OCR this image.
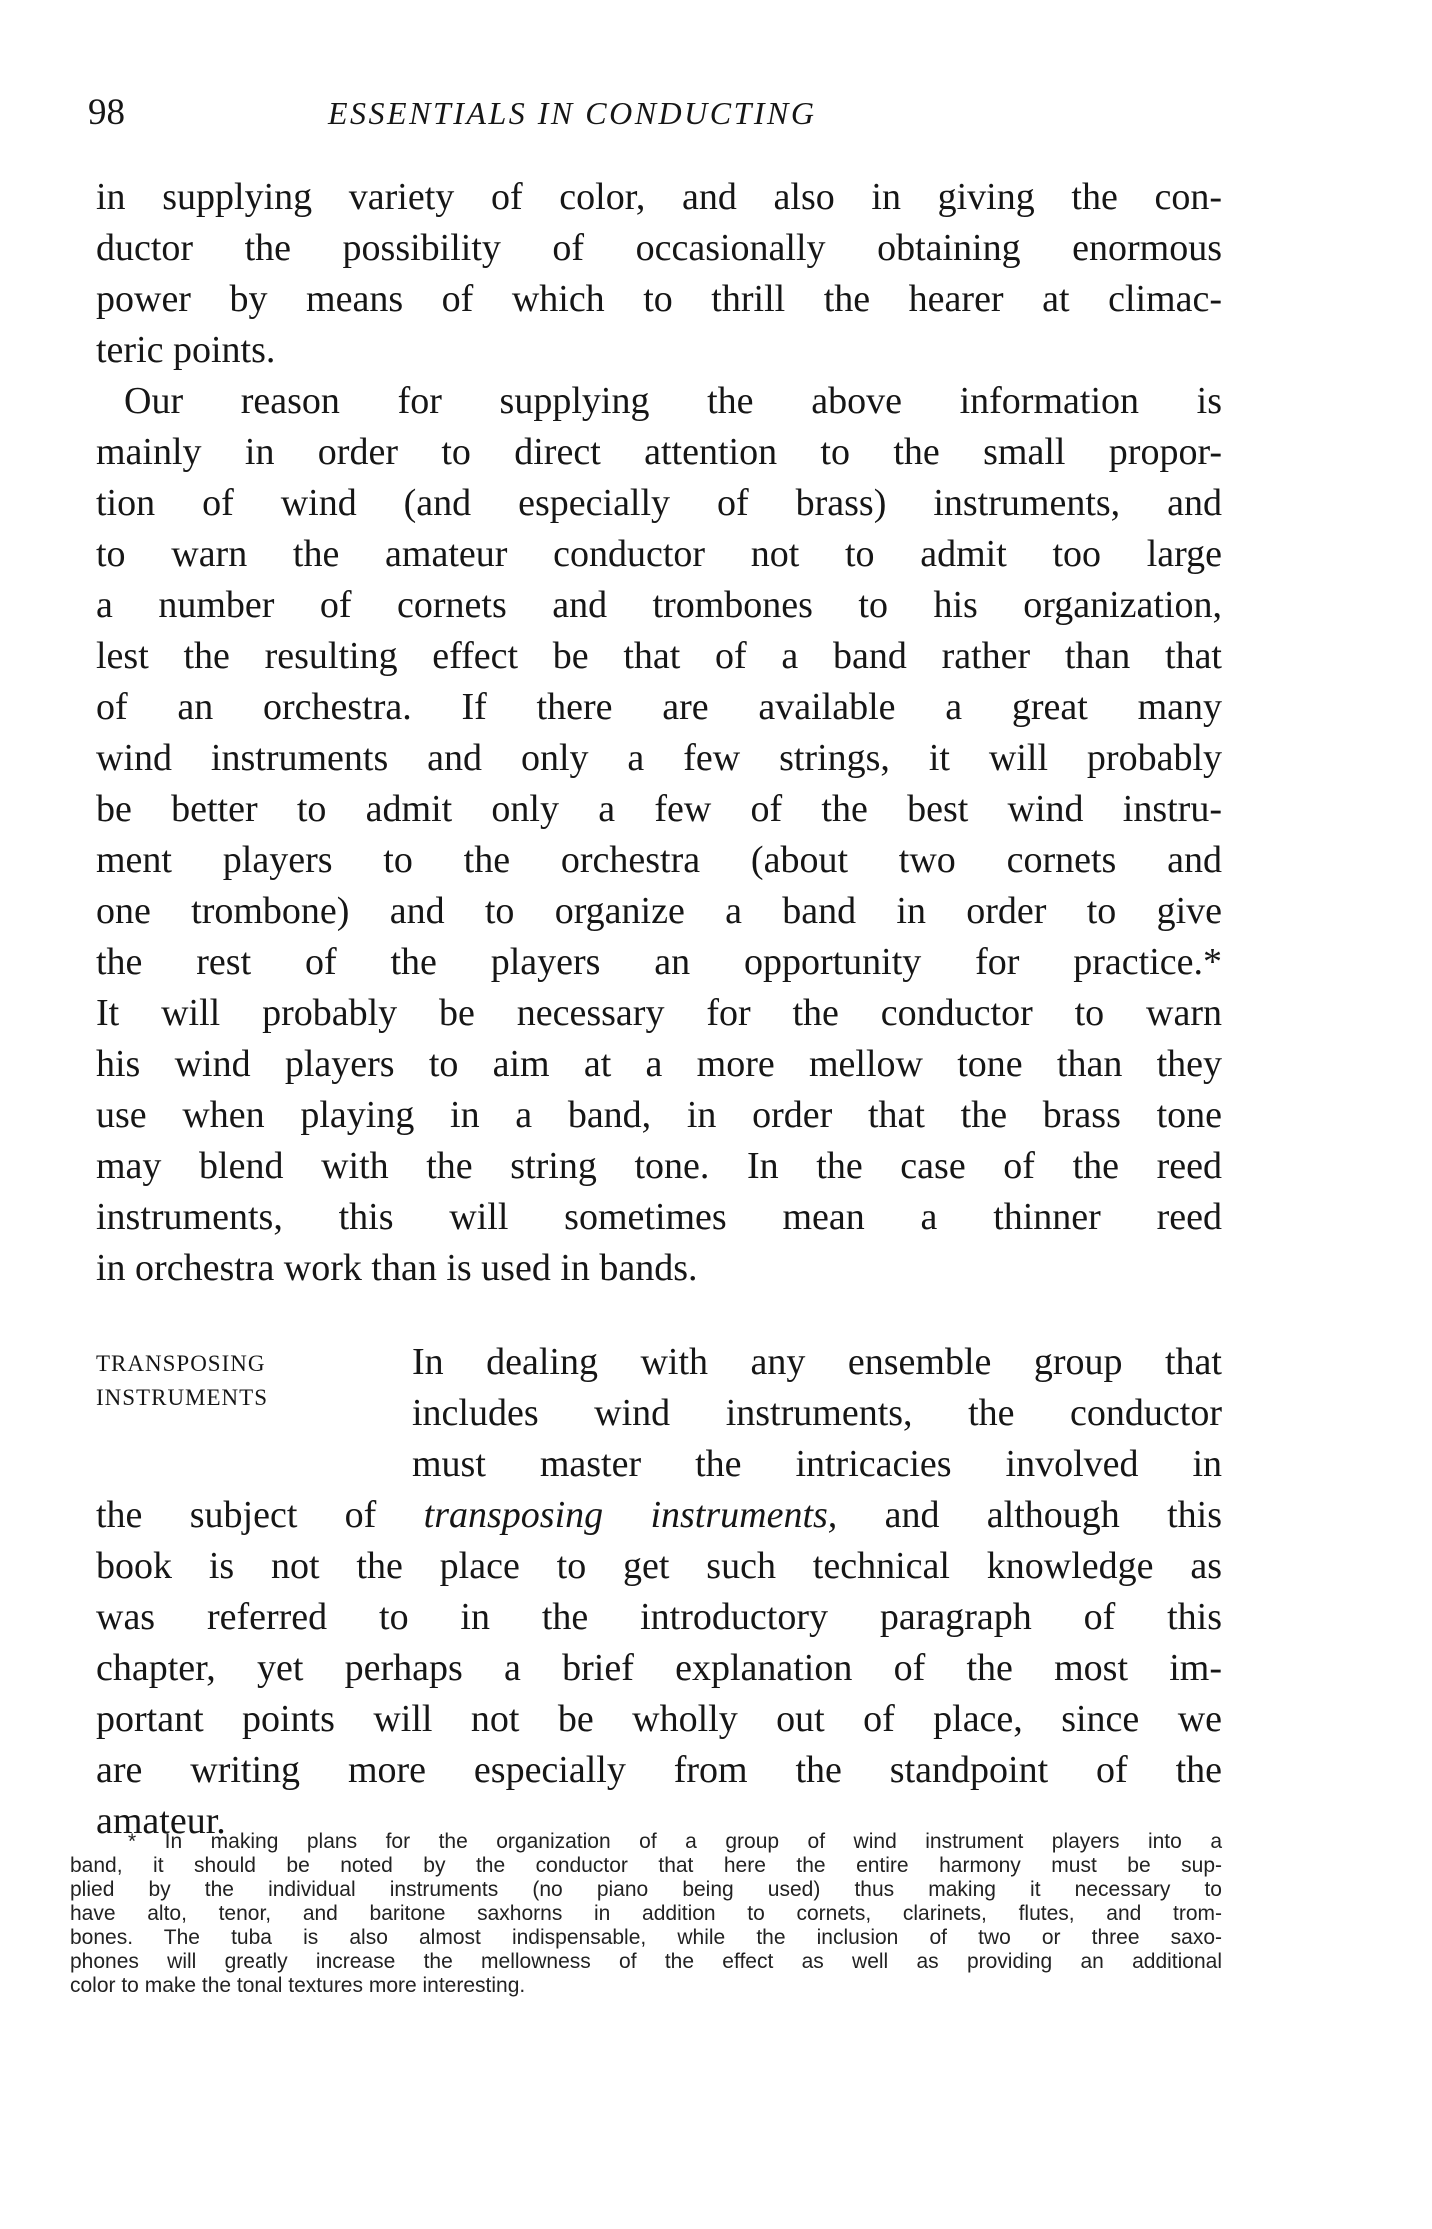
98	ESSENTIALS IN CONDUCTING
in supplying variety of color, and also in giving the con-
ductor the possibility of occasionally obtaining enormous
power by means of which to thrill the hearer at climac-
teric points.
Our reason for supplying the above information is
mainly in order to direct attention to the small propor-
tion of wind (and especially of brass) instruments, and
to warn the amateur conductor not to admit too large
a number of cornets and trombones to his organization,
lest the resulting effect be that of a band rather than that
of an orchestra. If there are available a great many
wind instruments and only a few strings, it will probably
be better to admit only a few of the best wind instru-
ment players to the orchestra (about two cornets and
one trombone) and to organize a band in order to give
the rest of the players an opportunity for practice.*
It will probably be necessary for the conductor to warn
his wind players to aim at a more mellow tone than they
use when playing in a band, in order that the brass tone
may blend with the string tone. In the case of the reed
instruments, this will sometimes mean a thinner reed
in orchestra work than is used in bands.
TRANSPOSING
INSTRUMENTS
In dealing with any ensemble group that
includes wind instruments, the conductor
must master the intricacies involved in
the subject of transposing instruments, and although this
book is not the place to get such technical knowledge as
was referred to in the introductory paragraph of this
chapter, yet perhaps a brief explanation of the most im-
portant points will not be wholly out of place, since we
are writing more especially from the standpoint of the
amateur.
* In making plans for the organization of a group of wind instrument players into a
band, it should be noted by the conductor that here the entire harmony must be sup-
plied by the individual instruments (no piano being used) thus making it necessary to
have alto, tenor, and baritone saxhorns in addition to cornets, clarinets, flutes, and trom-
bones. The tuba is also almost indispensable, while the inclusion of two or three saxo-
phones will greatly increase the mellowness of the effect as well as providing an additional
color to make the tonal textures more interesting.
